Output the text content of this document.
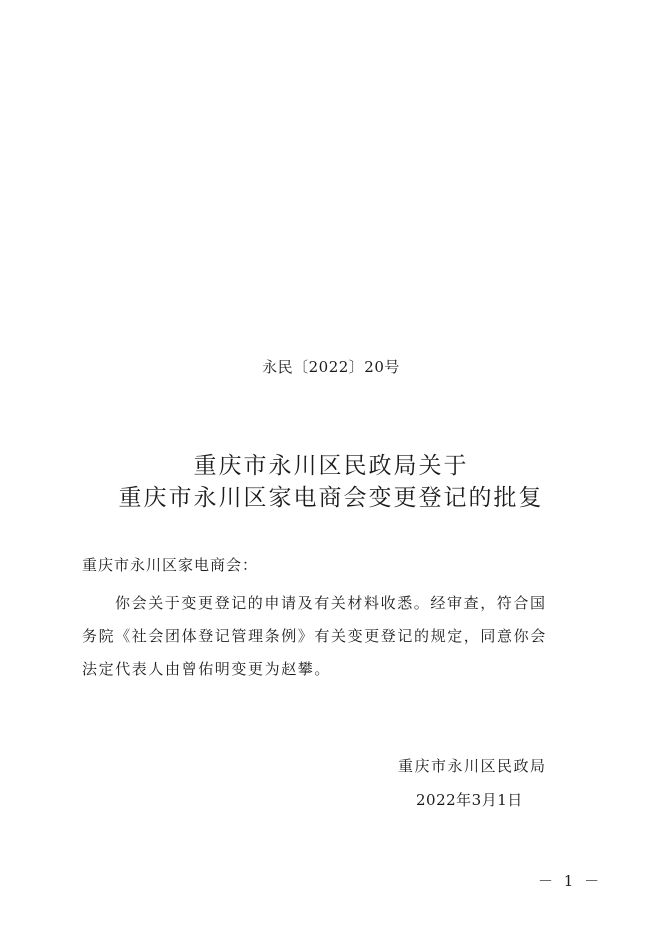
永民〔2022〕20号
重庆市永川区民政局关于
重庆市永川区家电商会变更登记的批复
重庆市永川区家电商会：
你会关于变更登记的申请及有关材料收悉。经审查，符合国
务院《社会团体登记管理条例》有关变更登记的规定，同意你会
法定代表人由曾佑明变更为赵攀。
重庆市永川区民政局
2022年3月1日
－ 1 －
